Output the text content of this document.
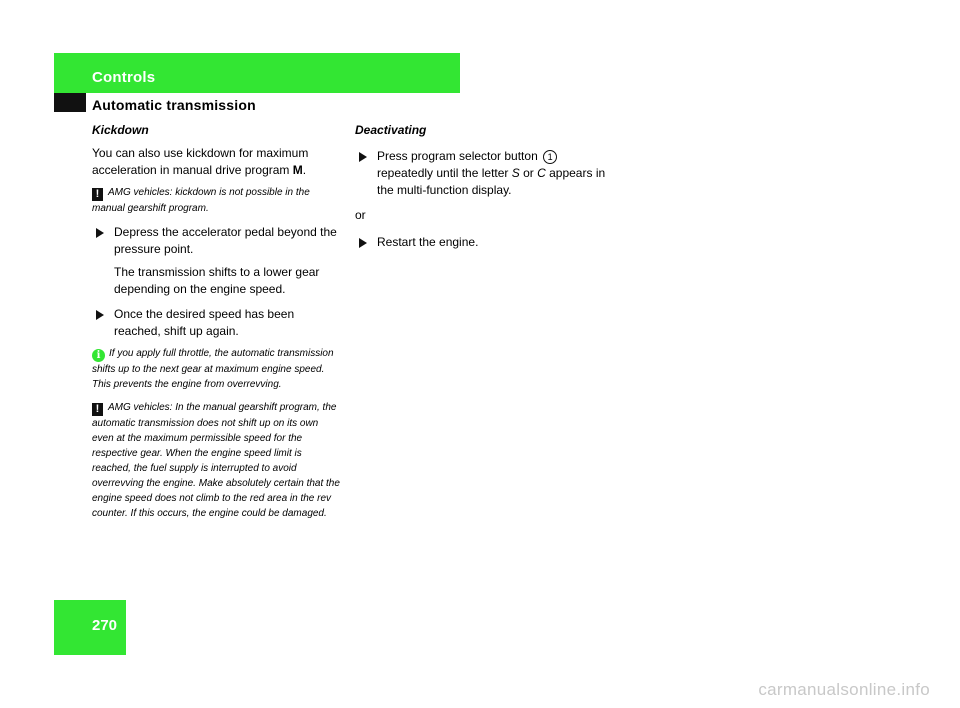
Controls
Automatic transmission

Kickdown

You can also use kickdown for maximum acceleration in manual drive program M.

! AMG vehicles: kickdown is not possible in the manual gearshift program.

Depress the accelerator pedal beyond the pressure point.

The transmission shifts to a lower gear depending on the engine speed.

Once the desired speed has been reached, shift up again.

i If you apply full throttle, the automatic transmission shifts up to the next gear at maximum engine speed. This prevents the engine from overrevving.

! AMG vehicles: In the manual gearshift program, the automatic transmission does not shift up on its own even at the maximum permissible speed for the respective gear. When the engine speed limit is reached, the fuel supply is interrupted to avoid overrevving the engine. Make absolutely certain that the engine speed does not climb to the red area in the rev counter. If this occurs, the engine could be damaged.

Deactivating

Press program selector button 1 repeatedly until the letter S or C appears in the multi-function display.

or

Restart the engine.
270
carmanualsonline.info
